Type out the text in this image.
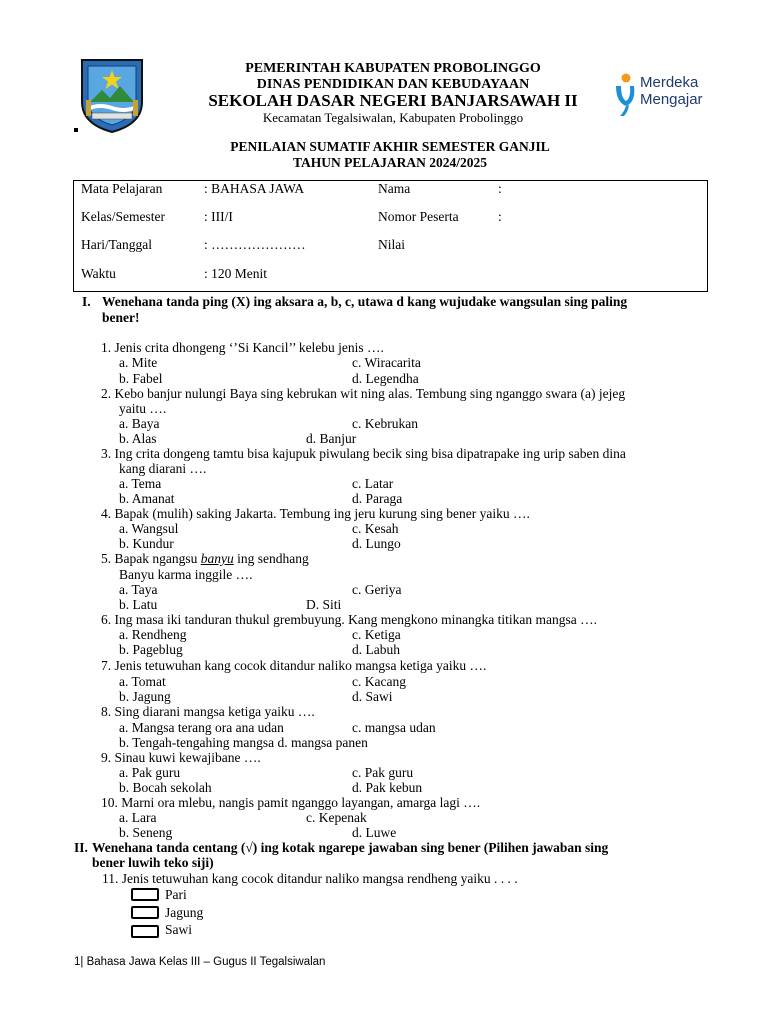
PEMERINTAH KABUPATEN PROBOLINGGO
DINAS PENDIDIKAN DAN KEBUDAYAAN
SEKOLAH DASAR NEGERI BANJARSAWAH II
Kecamatan Tegalsiwalan, Kabupaten Probolinggo
Merdeka
Mengajar
PENILAIAN SUMATIF AKHIR SEMESTER GANJIL
TAHUN PELAJARAN 2024/2025
Mata Pelajaran	: BAHASA JAWA	Nama	:
Kelas/Semester	: III/I	Nomor Peserta	:
Hari/Tanggal	: …………………	Nilai
Waktu	: 120 Menit
I. Wenehana tanda ping (X) ing aksara a, b, c, utawa d kang wujudake wangsulan sing paling
bener!
1. Jenis crita dhongeng ‘’Si Kancil’’ kelebu jenis ….
a. Mite	c. Wiracarita
b. Fabel	d. Legendha
2. Kebo banjur nulungi Baya sing kebrukan wit ning alas. Tembung sing nganggo swara (a) jejeg
yaitu ….
a. Baya	c. Kebrukan
b. Alas	d. Banjur
3. Ing crita dongeng tamtu bisa kajupuk piwulang becik sing bisa dipatrapake ing urip saben dina
kang diarani ….
a. Tema	c. Latar
b. Amanat	d. Paraga
4. Bapak (mulih) saking Jakarta. Tembung ing jeru kurung sing bener yaiku ….
a. Wangsul	c. Kesah
b. Kundur	d. Lungo
5. Bapak ngangsu banyu ing sendhang
Banyu karma inggile ….
a. Taya	c. Geriya
b. Latu	D. Siti
6. Ing masa iki tanduran thukul grembuyung. Kang mengkono minangka titikan mangsa ….
a. Rendheng	c. Ketiga
b. Pageblug	d. Labuh
7. Jenis tetuwuhan kang cocok ditandur naliko mangsa ketiga yaiku ….
a. Tomat	c. Kacang
b. Jagung	d. Sawi
8. Sing diarani mangsa ketiga yaiku ….
a. Mangsa terang ora ana udan	c. mangsa udan
b. Tengah-tengahing mangsa d. mangsa panen
9. Sinau kuwi kewajibane ….
a. Pak guru	c. Pak guru
b. Bocah sekolah	d. Pak kebun
10. Marni ora mlebu, nangis pamit nganggo layangan, amarga lagi ….
a. Lara	c. Kepenak
b. Seneng	d. Luwe
II. Wenehana tanda centang (√) ing kotak ngarepe jawaban sing bener (Pilihen jawaban sing
bener luwih teko siji)
11. Jenis tetuwuhan kang cocok ditandur naliko mangsa rendheng yaiku . . . .
Pari
Jagung
Sawi
1| Bahasa Jawa Kelas III – Gugus II Tegalsiwalan
